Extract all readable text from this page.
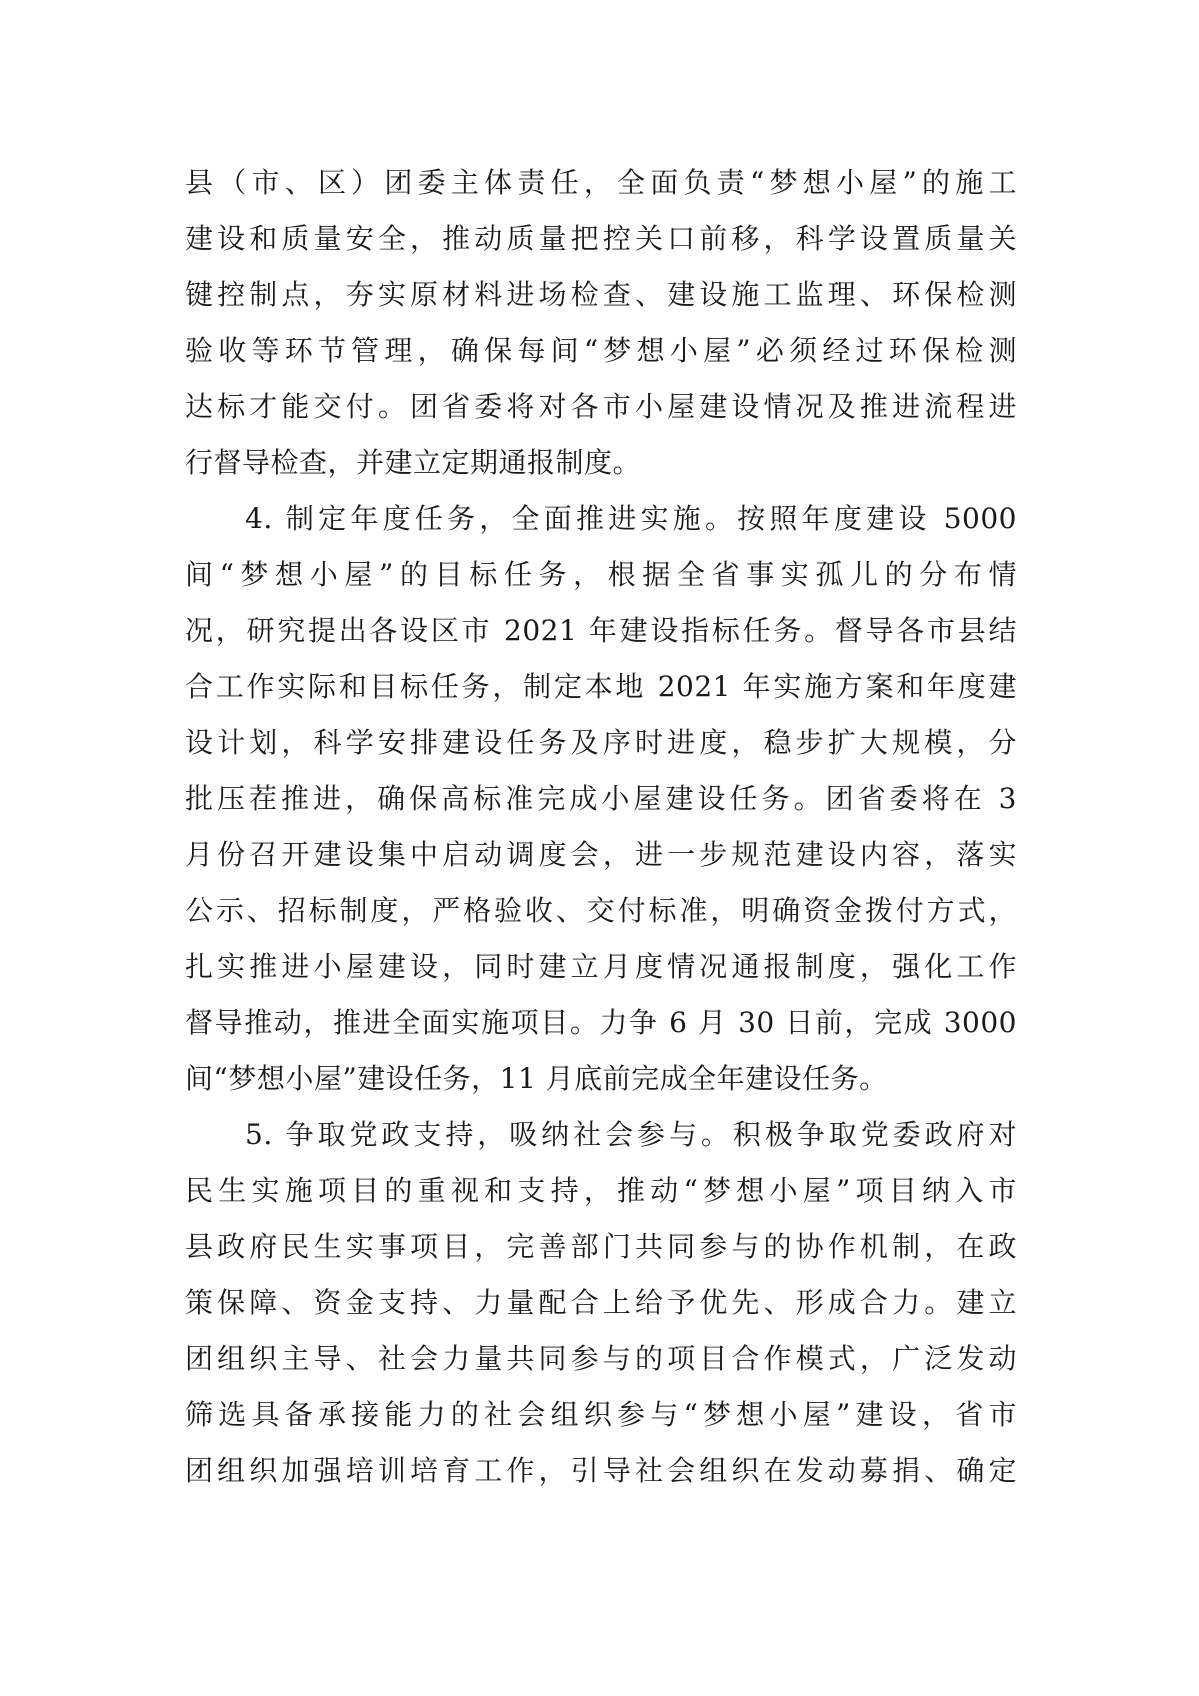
县（市、区）团委主体责任，全面负责“梦想小屋”的施工
建设和质量安全，推动质量把控关口前移，科学设置质量关
键控制点，夯实原材料进场检查、建设施工监理、环保检测
验收等环节管理，确保每间“梦想小屋”必须经过环保检测
达标才能交付。团省委将对各市小屋建设情况及推进流程进
行督导检查，并建立定期通报制度。
4. 制定年度任务，全面推进实施。按照年度建设 5000
间“梦想小屋”的目标任务，根据全省事实孤儿的分布情
况，研究提出各设区市 2021 年建设指标任务。督导各市县结
合工作实际和目标任务，制定本地 2021 年实施方案和年度建
设计划，科学安排建设任务及序时进度，稳步扩大规模，分
批压茬推进，确保高标准完成小屋建设任务。团省委将在 3
月份召开建设集中启动调度会，进一步规范建设内容，落实
公示、招标制度，严格验收、交付标准，明确资金拨付方式，
扎实推进小屋建设，同时建立月度情况通报制度，强化工作
督导推动，推进全面实施项目。力争 6 月 30 日前，完成 3000
间“梦想小屋”建设任务，11 月底前完成全年建设任务。
5. 争取党政支持，吸纳社会参与。积极争取党委政府对
民生实施项目的重视和支持，推动“梦想小屋”项目纳入市
县政府民生实事项目，完善部门共同参与的协作机制，在政
策保障、资金支持、力量配合上给予优先、形成合力。建立
团组织主导、社会力量共同参与的项目合作模式，广泛发动
筛选具备承接能力的社会组织参与“梦想小屋”建设，省市
团组织加强培训培育工作，引导社会组织在发动募捐、确定
